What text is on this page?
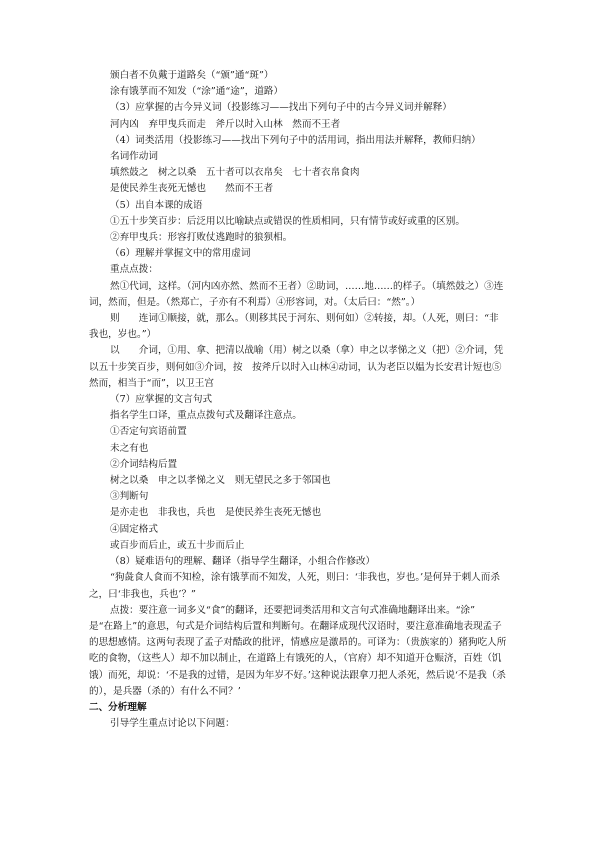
颁白者不负戴于道路矣（“颁”通“斑”）
涂有饿莩而不知发（“涂”通“途”，道路）
（3）应掌握的古今异义词（投影练习——找出下列句子中的古今异义词并解释）
河内凶　弃甲曳兵而走　斧斤以时入山林　然而不王者
（4）词类活用（投影练习——找出下列句子中的活用词，指出用法并解释，教师归纳）
名词作动词
填然鼓之　树之以桑　五十者可以衣帛矣　七十者衣帛食肉
是使民养生丧死无憾也　　然而不王者
（5）出自本课的成语
①五十步笑百步：后泛用以比喻缺点或错误的性质相同，只有情节或好或重的区别。
②弃甲曳兵：形容打败仗逃跑时的狼狈相。
（6）理解并掌握文中的常用虚词
重点点拨：
然①代词，这样。（河内凶亦然、然而不王者）②助词，……地……的样子。（填然鼓之）③连词，然而，但是。（然郑亡，子亦有不利焉）④形容词，对。（太后曰：“然”。）
则　　连词①顺接，就，那么。（则移其民于河东、则何如）②转接，却。（人死，则曰：“非我也，岁也。”）
以　　介词，①用、拿、把清以战喻（用）树之以桑（拿）申之以孝悌之义（把）②介词，凭　　以五十步笑百步，则何如③介词，按　按斧斤以时入山林④动词，认为老臣以媪为长安君计短也⑤然而，相当于“而”，以卫王宫
（7）应掌握的文言句式
指名学生口译，重点点拨句式及翻译注意点。
①否定句宾语前置
未之有也
②介词结构后置
树之以桑　申之以孝悌之义　则无望民之多于邻国也
③判断句
是亦走也　非我也，兵也　是使民养生丧死无憾也
④固定格式
或百步而后止，或五十步而后止
（8）疑难语句的理解、翻译（指导学生翻译，小组合作修改）
“狗彘食人食而不知检，涂有饿莩而不知发，人死，则曰：‘非我也，岁也。’是何异于刺人而杀之，曰‘非我也，兵也’？”
点拨：要注意一词多义“食”的翻译，还要把词类活用和文言句式准确地翻译出来。“涂”
是“在路上”的意思，句式是介词结构后置和判断句。在翻译成现代汉语时，要注意准确地表现孟子的思想感情。这两句表现了孟子对酷政的批评，情感应是激昂的。可译为：（贵族家的）猪狗吃人所吃的食物，（这些人）却不加以制止，在道路上有饿死的人，（官府）却不知道开仓赈济，百姓（饥饿）而死，却说：‘不是我的过错，是因为年岁不好。’这种说法跟拿刀把人杀死，然后说‘不是我（杀的），是兵器（杀的）有什么不同？’
二、分析理解
引导学生重点讨论以下问题：
